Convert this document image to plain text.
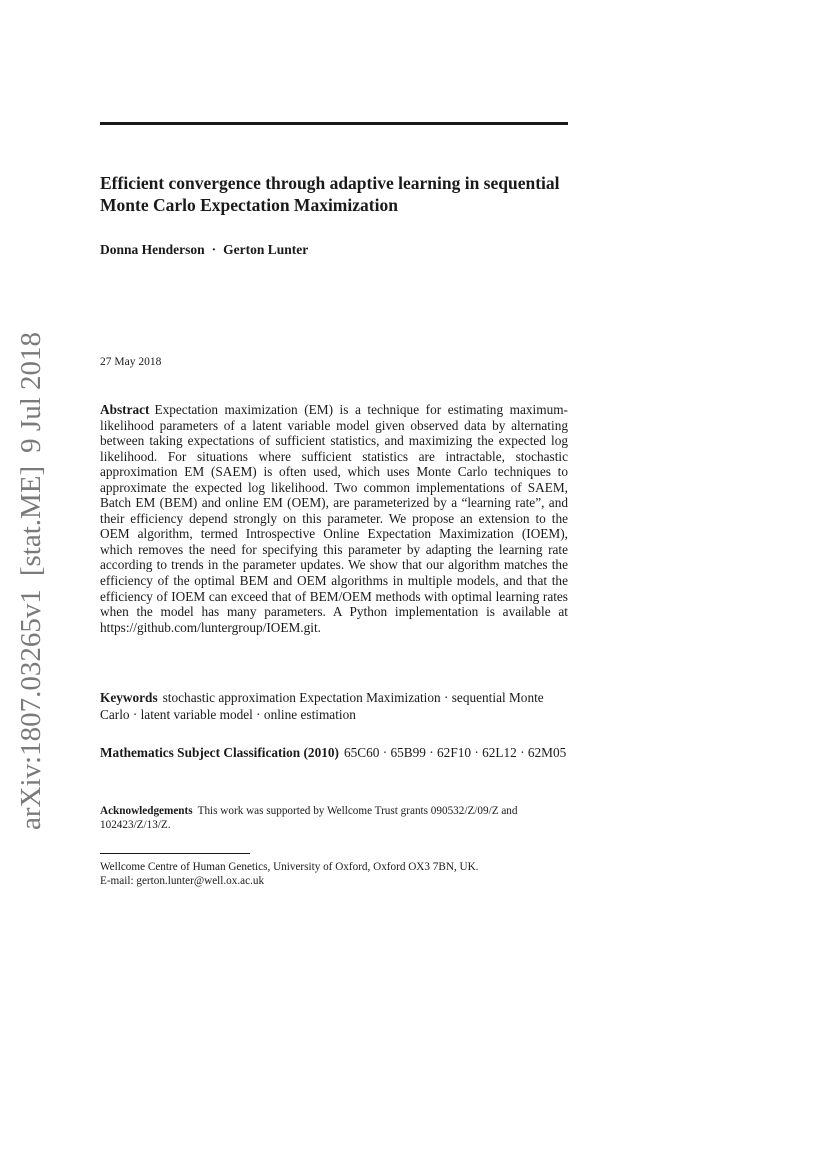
arXiv:1807.03265v1[stat.ME]9 Jul 2018
Efficient convergence through adaptive learning in sequential Monte Carlo Expectation Maximization
Donna Henderson · Gerton Lunter
27 May 2018
Abstract Expectation maximization (EM) is a technique for estimating maximum-likelihood parameters of a latent variable model given observed data by alternating between taking expectations of sufficient statistics, and maximizing the expected log likelihood. For situations where sufficient statistics are intractable, stochastic approximation EM (SAEM) is often used, which uses Monte Carlo techniques to approximate the expected log likelihood. Two common implementations of SAEM, Batch EM (BEM) and online EM (OEM), are parameterized by a “learning rate”, and their efficiency depend strongly on this parameter. We propose an extension to the OEM algorithm, termed Introspective Online Expectation Maximization (IOEM), which removes the need for specifying this parameter by adapting the learning rate according to trends in the parameter updates. We show that our algorithm matches the efficiency of the optimal BEM and OEM algorithms in multiple models, and that the efficiency of IOEM can exceed that of BEM/OEM methods with optimal learning rates when the model has many parameters. A Python implementation is available at https://github.com/luntergroup/IOEM.git.
Keywords stochastic approximation Expectation Maximization · sequential Monte Carlo · latent variable model · online estimation
Mathematics Subject Classification (2010) 65C60 · 65B99 · 62F10 · 62L12 · 62M05
Acknowledgements This work was supported by Wellcome Trust grants 090532/Z/09/Z and 102423/Z/13/Z.
Wellcome Centre of Human Genetics, University of Oxford, Oxford OX3 7BN, UK.
E-mail: gerton.lunter@well.ox.ac.uk
